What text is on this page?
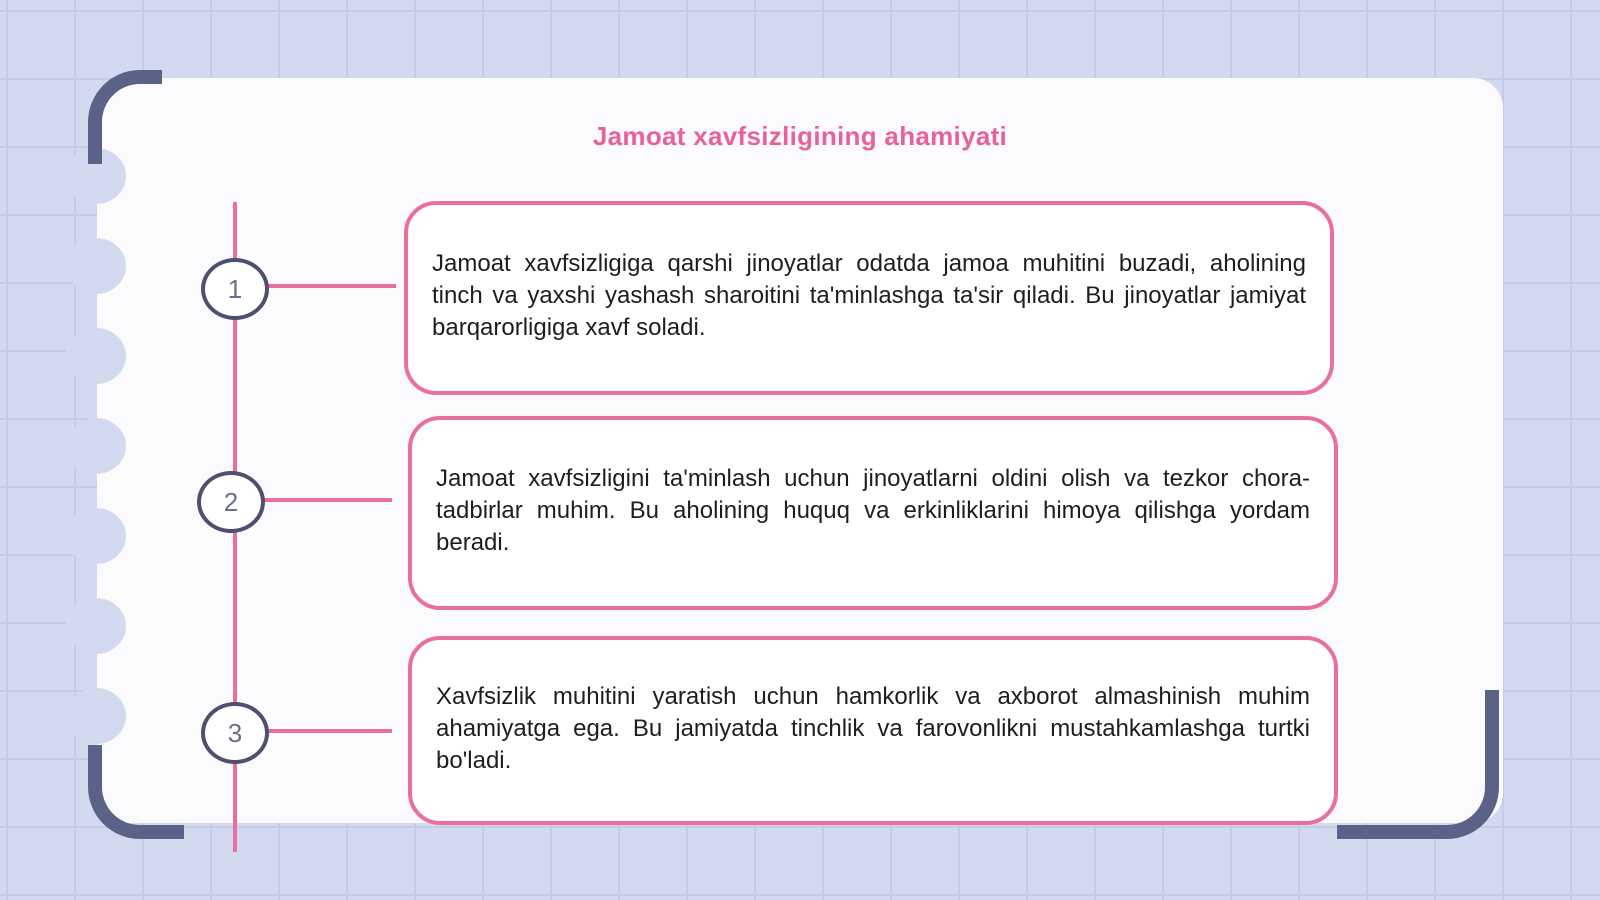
Jamoat xavfsizligining ahamiyati
1
2
3

Jamoat xavfsizligiga qarshi jinoyatlar odatda jamoa muhitini buzadi, aholining tinch va yaxshi yashash sharoitini ta'minlashga ta'sir qiladi. Bu jinoyatlar jamiyat barqarorligiga xavf soladi.

Jamoat xavfsizligini ta'minlash uchun jinoyatlarni oldini olish va tezkor chora-tadbirlar muhim. Bu aholining huquq va erkinliklarini himoya qilishga yordam beradi.

Xavfsizlik muhitini yaratish uchun hamkorlik va axborot almashinish muhim ahamiyatga ega. Bu jamiyatda tinchlik va farovonlikni mustahkamlashga turtki bo'ladi.
